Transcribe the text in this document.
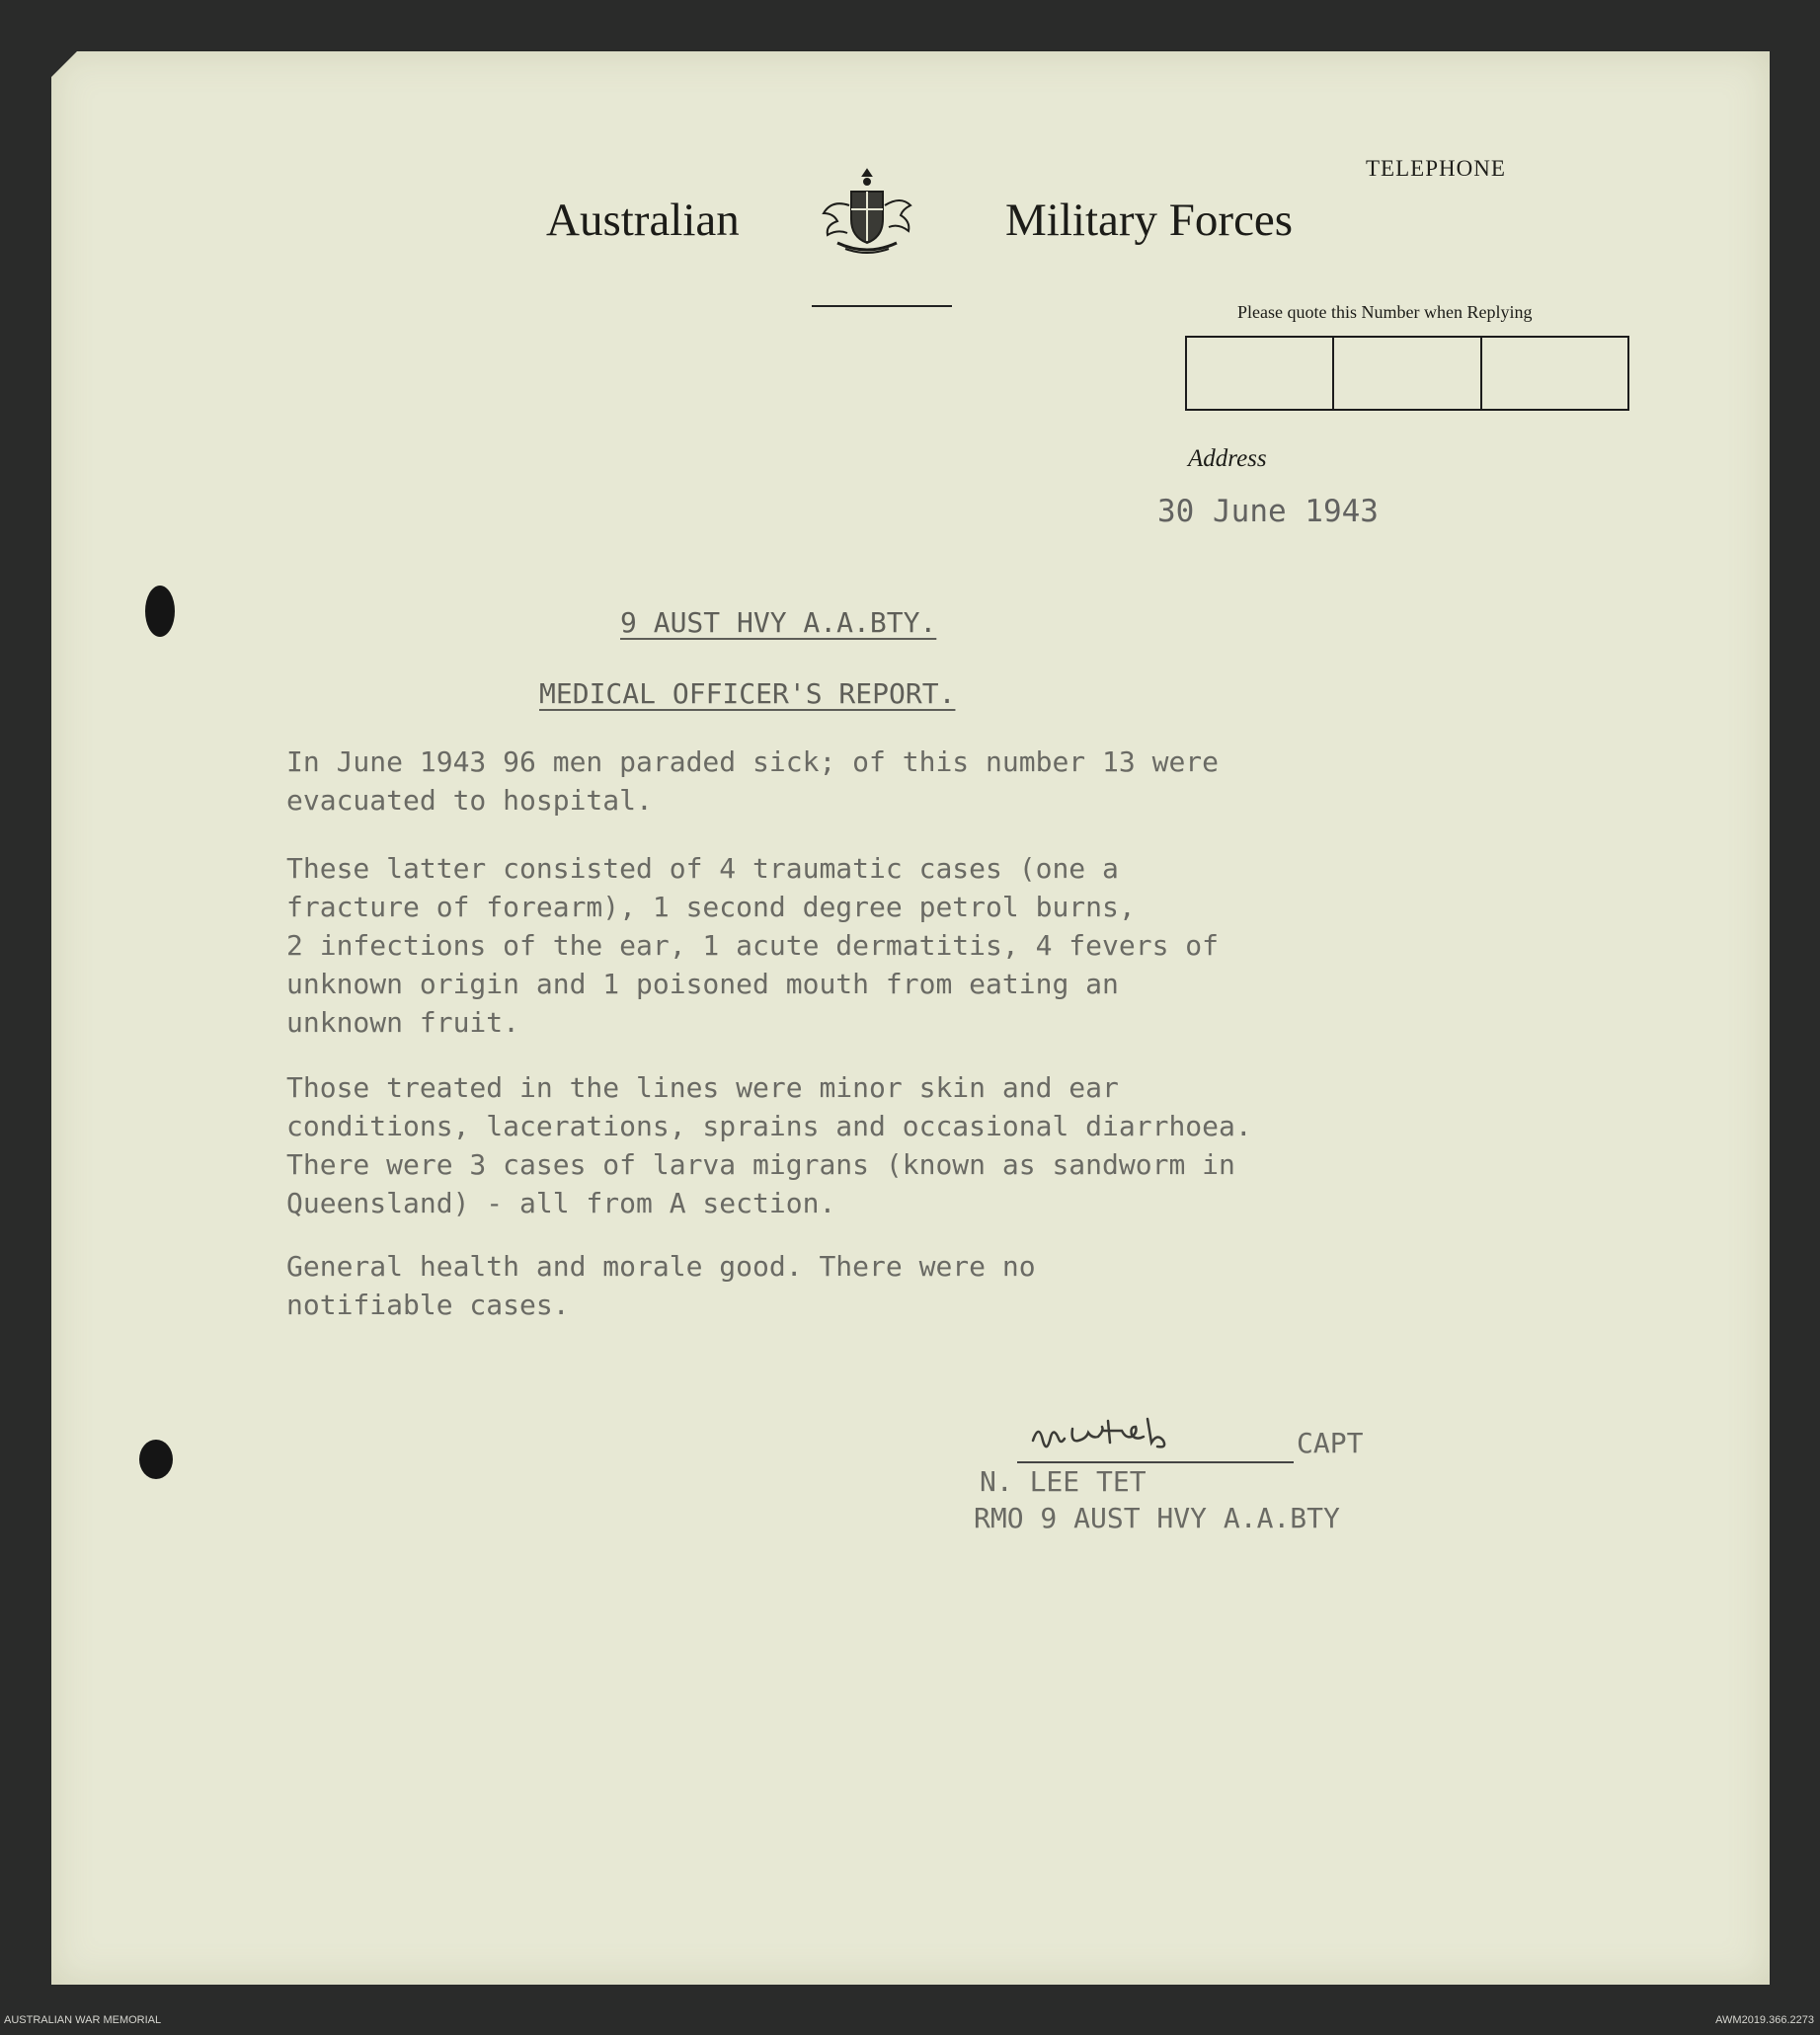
TELEPHONE
Australian	Military Forces
Please quote this Number when Replying
Address
30 June 1943
9 AUST HVY A.A.BTY.
MEDICAL OFFICER'S REPORT.
In June 1943 96 men paraded sick; of this number 13 were
evacuated to hospital.
These latter consisted of 4 traumatic cases (one a
fracture of forearm), 1 second degree petrol burns,
2 infections of the ear, 1 acute dermatitis, 4 fevers of
unknown origin and 1 poisoned mouth from eating an
unknown fruit.
Those treated in the lines were minor skin and ear
conditions, lacerations, sprains and occasional diarrhoea.
There were 3 cases of larva migrans (known as sandworm in
Queensland) - all from A section.
General health and morale good. There were no
notifiable cases.
CAPT
N. LEE TET
RMO 9 AUST HVY A.A.BTY
AUSTRALIAN WAR MEMORIAL	AWM2019.366.2273
